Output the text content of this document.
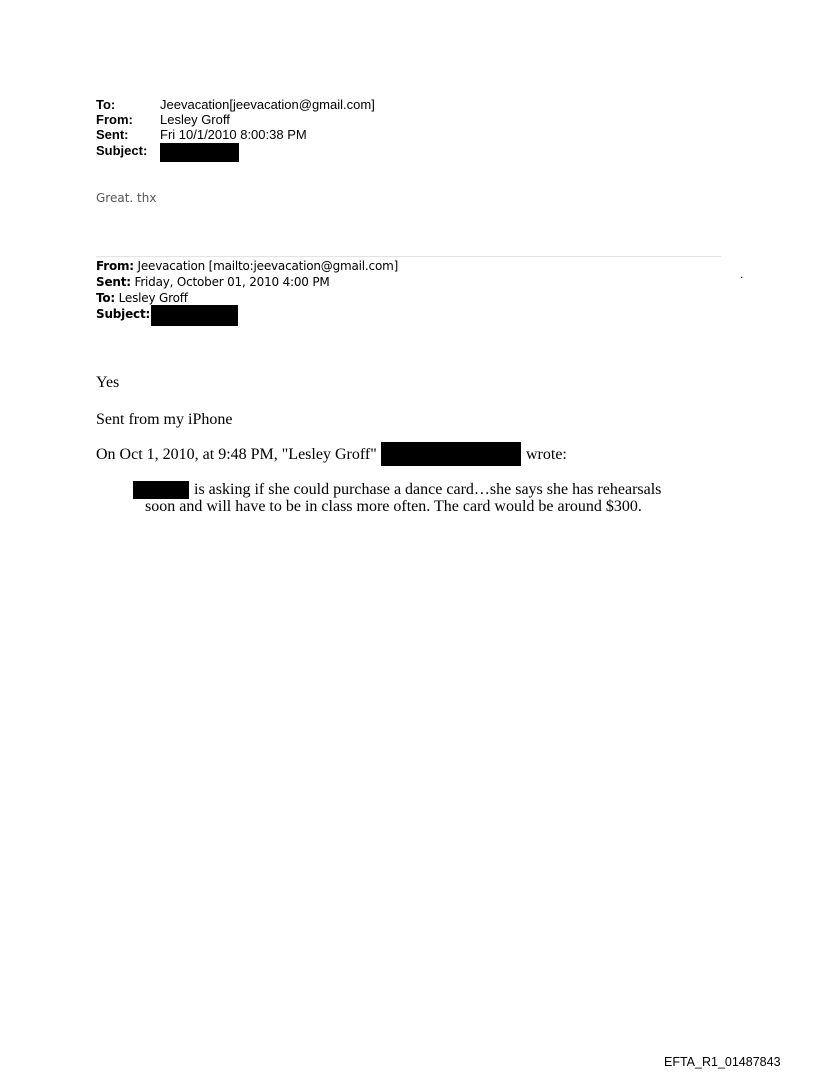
To:	Jeevacation[jeevacation@gmail.com]
From: Lesley Groff
Sent: Fri 10/1/2010 8:00:38 PM
Subject:
Great. thx
From: Jeevacation [mailto:jeevacation@gmail.com]
Sent: Friday, October 01, 2010 4:00 PM
To: Lesley Groff
Subject:
.
Yes
Sent from my iPhone
On Oct 1, 2010, at 9:48 PM, "Lesley Groff"	wrote:
is asking if she could purchase a dance card…she says she has rehearsals
soon and will have to be in class more often. The card would be around $300.
EFTA_R1_01487843
